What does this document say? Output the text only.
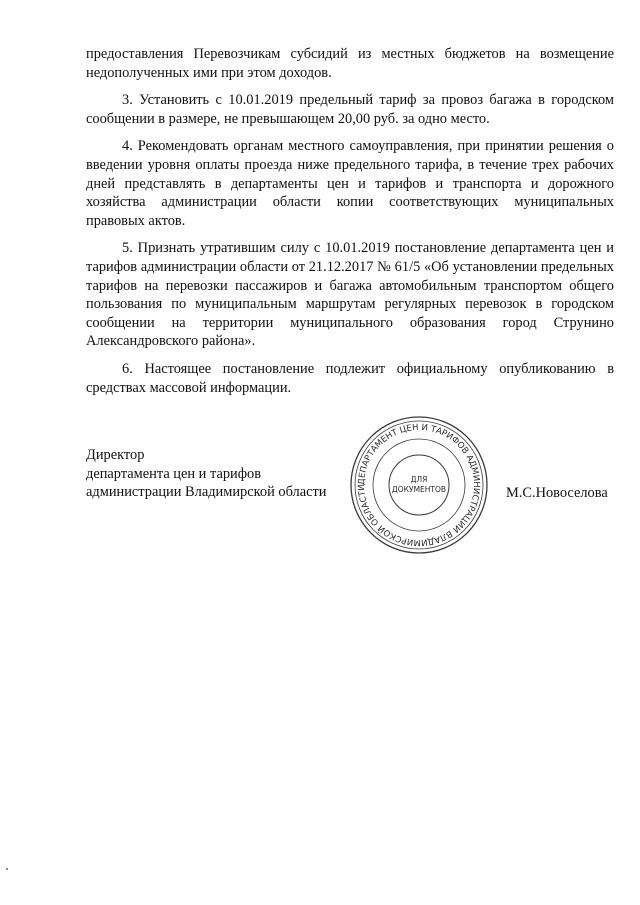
предоставления Перевозчикам субсидий из местных бюджетов на возмещение недополученных ими при этом доходов.

3. Установить с 10.01.2019 предельный тариф за провоз багажа в городском сообщении в размере, не превышающем 20,00 руб. за одно место.

4. Рекомендовать органам местного самоуправления, при принятии решения о введении уровня оплаты проезда ниже предельного тарифа, в течение трех рабочих дней представлять в департаменты цен и тарифов и транспорта и дорожного хозяйства администрации области копии соответствующих муниципальных правовых актов.

5. Признать утратившим силу с 10.01.2019 постановление департамента цен и тарифов администрации области от 21.12.2017 № 61/5 «Об установлении предельных тарифов на перевозки пассажиров и багажа автомобильным транспортом общего пользования по муниципальным маршрутам регулярных перевозок в городском сообщении на территории муниципального образования город Струнино Александровского района».

6. Настоящее постановление подлежит официальному опубликованию в средствах массовой информации.

Директор
департамента цен и тарифов
администрации Владимирской области
ДЕПАРТАМЕНТ ЦЕН И ТАРИФОВ АДМИНИСТРАЦИИ ВЛАДИМИРСКОЙ ОБЛАСТИ
ДЛЯ
ДОКУМЕНТОВ	М.С.Новоселова
